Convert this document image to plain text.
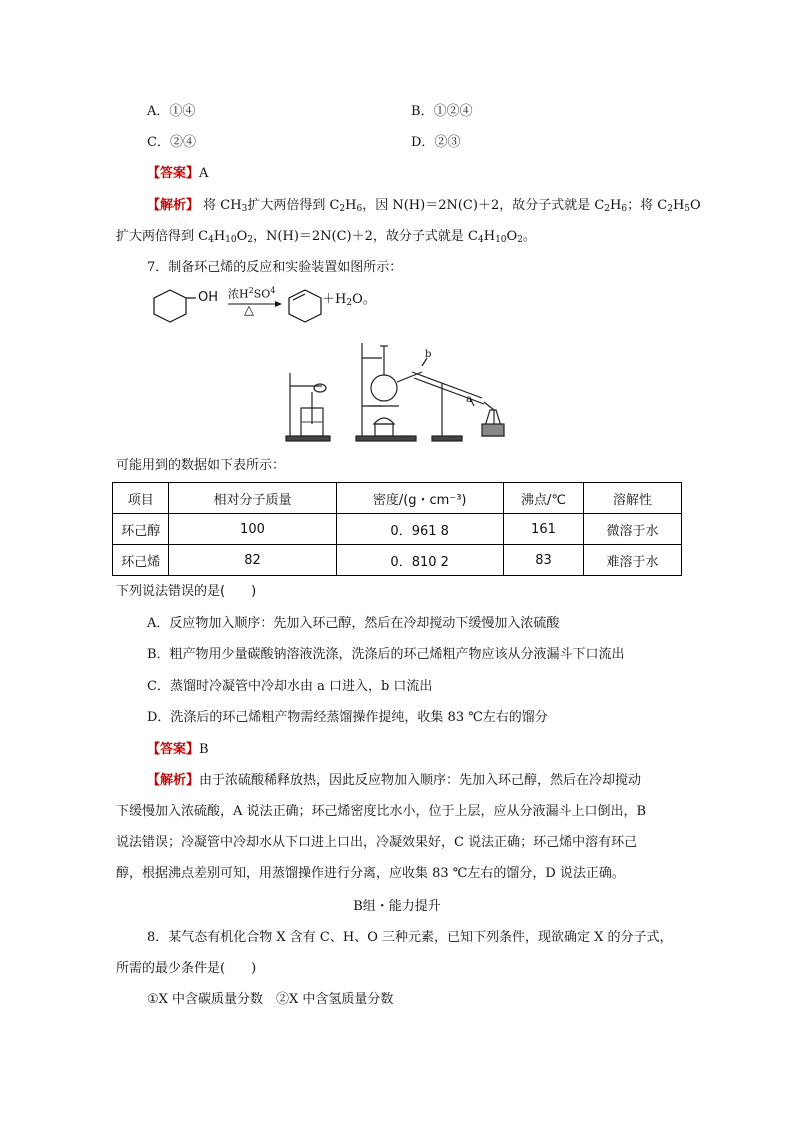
A．①④	B．①②④
C．②④	D．②③
【答案】A
【解析】 将 $CH_3$扩大两倍得到 $C_2H_6$，因 N(H)＝2N(C)＋2，故分子式就是 $C_2H_6$；将 $C_2H_5O$
扩大两倍得到 $C_4H_{10}O_2$，N(H)＝2N(C)＋2，故分子式就是 $C_4H_{10}O_2$。
7．制备环己烯的反应和实验装置如图所示：
OH 浓$H^2SO^4$
△
$+H_2O$。
b
a
可能用到的数据如下表所示：
项目	相对分子质量	密度/(g・cm⁻³)	沸点/℃	溶解性
环己醇	100	0．961 8	161	微溶于水
环己烯	82	0．810 2	83	难溶于水
下列说法错误的是(　　)
A．反应物加入顺序：先加入环己醇，然后在冷却搅动下缓慢加入浓硫酸
B．粗产物用少量碳酸钠溶液洗涤，洗涤后的环己烯粗产物应该从分液漏斗下口流出
C．蒸馏时冷凝管中冷却水由 a 口进入，b 口流出
D．洗涤后的环己烯粗产物需经蒸馏操作提纯，收集 83 ℃左右的馏分
【答案】B
【解析】由于浓硫酸稀释放热，因此反应物加入顺序：先加入环己醇，然后在冷却搅动
下缓慢加入浓硫酸，A 说法正确；环己烯密度比水小，位于上层，应从分液漏斗上口倒出，B
说法错误；冷凝管中冷却水从下口进上口出，冷凝效果好，C 说法正确；环己烯中溶有环己
醇，根据沸点差别可知，用蒸馏操作进行分离，应收集 83 ℃左右的馏分，D 说法正确。
B组・能力提升
8．某气态有机化合物 X 含有 C、H、O 三种元素，已知下列条件，现欲确定 X 的分子式，
所需的最少条件是(　　)
①X 中含碳质量分数　②X 中含氢质量分数
